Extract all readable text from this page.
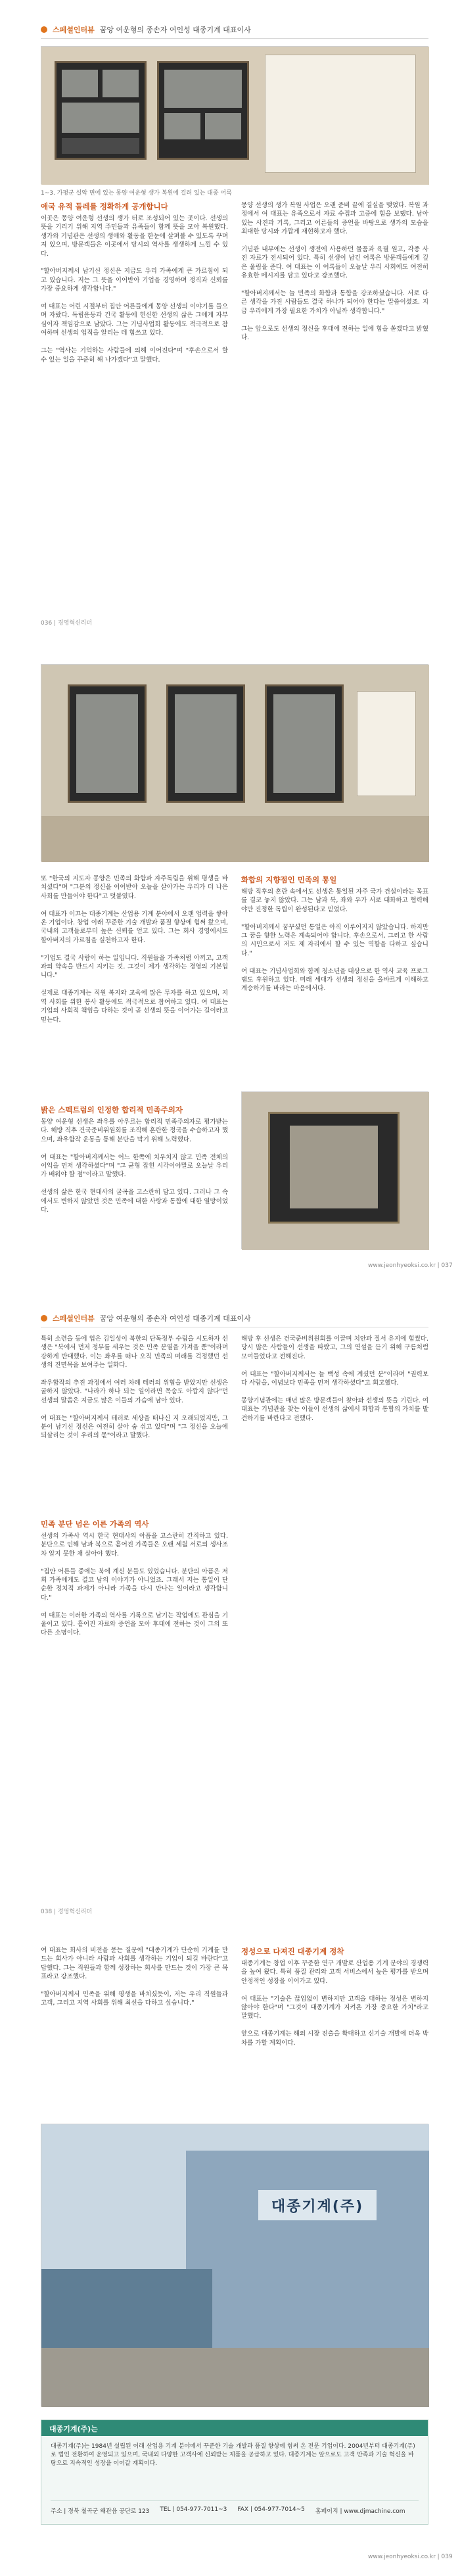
스페셜인터뷰 꿈앙 여운형의 종손자 여인성 대종기계 대표이사
1~3. 가평군 설악 면에 있는 몽양 여운형 생가 복원에 걸려 있는 대종 어록
애국 유적 둘레를 정확하게 공개합니다
이곳은 몽양 여운형 선생의 생가 터로 조성되어 있는 곳이다. 선생의 뜻을 기리기 위해 지역 주민들과 유족들이 함께 뜻을 모아 복원했다. 생가와 기념관은 선생의 생애와 활동을 한눈에 살펴볼 수 있도록 꾸며져 있으며, 방문객들은 이곳에서 당시의 역사를 생생하게 느낄 수 있다.

"할아버지께서 남기신 정신은 지금도 우리 가족에게 큰 가르침이 되고 있습니다. 저는 그 뜻을 이어받아 기업을 경영하며 정직과 신뢰를 가장 중요하게 생각합니다."

여 대표는 어린 시절부터 집안 어른들에게 몽양 선생의 이야기를 들으며 자랐다. 독립운동과 건국 활동에 헌신한 선생의 삶은 그에게 자부심이자 책임감으로 남았다. 그는 기념사업회 활동에도 적극적으로 참여하며 선생의 업적을 알리는 데 힘쓰고 있다.

그는 "역사는 기억하는 사람들에 의해 이어진다"며 "후손으로서 할 수 있는 일을 꾸준히 해 나가겠다"고 말했다.
몽양 선생의 생가 복원 사업은 오랜 준비 끝에 결실을 맺었다. 복원 과정에서 여 대표는 유족으로서 자료 수집과 고증에 힘을 보탰다. 남아 있는 사진과 기록, 그리고 어른들의 증언을 바탕으로 생가의 모습을 최대한 당시와 가깝게 재현하고자 했다.

기념관 내부에는 선생이 생전에 사용하던 물품과 육필 원고, 각종 사진 자료가 전시되어 있다. 특히 선생이 남긴 어록은 방문객들에게 깊은 울림을 준다. 여 대표는 이 어록들이 오늘날 우리 사회에도 여전히 유효한 메시지를 담고 있다고 강조했다.

"할아버지께서는 늘 민족의 화합과 통합을 강조하셨습니다. 서로 다른 생각을 가진 사람들도 결국 하나가 되어야 한다는 말씀이셨죠. 지금 우리에게 가장 필요한 가치가 아닐까 생각합니다."

그는 앞으로도 선생의 정신을 후대에 전하는 일에 힘을 쏟겠다고 밝혔다.
036 | 경영혁신리더
또 "한국의 지도자 몽양은 민족의 화합과 자주독립을 위해 평생을 바치셨다"며 "그분의 정신을 이어받아 오늘을 살아가는 우리가 더 나은 사회를 만들어야 한다"고 덧붙였다.

여 대표가 이끄는 대종기계는 산업용 기계 분야에서 오랜 업력을 쌓아온 기업이다. 창업 이래 꾸준한 기술 개발과 품질 향상에 힘써 왔으며, 국내외 고객들로부터 높은 신뢰를 얻고 있다. 그는 회사 경영에서도 할아버지의 가르침을 실천하고자 한다.

"기업도 결국 사람이 하는 일입니다. 직원들을 가족처럼 아끼고, 고객과의 약속을 반드시 지키는 것. 그것이 제가 생각하는 경영의 기본입니다."

실제로 대종기계는 직원 복지와 교육에 많은 투자를 하고 있으며, 지역 사회를 위한 봉사 활동에도 적극적으로 참여하고 있다. 여 대표는 기업의 사회적 책임을 다하는 것이 곧 선생의 뜻을 이어가는 길이라고 믿는다.
밝은 스펙트럼의 인정한 합리적 민족주의자
몽양 여운형 선생은 좌우를 아우르는 합리적 민족주의자로 평가받는다. 해방 직후 건국준비위원회를 조직해 혼란한 정국을 수습하고자 했으며, 좌우합작 운동을 통해 분단을 막기 위해 노력했다.

여 대표는 "할아버지께서는 어느 한쪽에 치우치지 않고 민족 전체의 이익을 먼저 생각하셨다"며 "그 균형 잡힌 시각이야말로 오늘날 우리가 배워야 할 점"이라고 말했다.

선생의 삶은 한국 현대사의 굴곡을 고스란히 담고 있다. 그러나 그 속에서도 변하지 않았던 것은 민족에 대한 사랑과 통합에 대한 열망이었다.
화합의 지향점인 민족의 통일
해방 직후의 혼란 속에서도 선생은 통일된 자주 국가 건설이라는 목표를 결코 놓지 않았다. 그는 남과 북, 좌와 우가 서로 대화하고 협력해야만 진정한 독립이 완성된다고 믿었다.

"할아버지께서 꿈꾸셨던 통일은 아직 이루어지지 않았습니다. 하지만 그 꿈을 향한 노력은 계속되어야 합니다. 후손으로서, 그리고 한 사람의 시민으로서 저도 제 자리에서 할 수 있는 역할을 다하고 싶습니다."

여 대표는 기념사업회와 함께 청소년을 대상으로 한 역사 교육 프로그램도 후원하고 있다. 미래 세대가 선생의 정신을 올바르게 이해하고 계승하기를 바라는 마음에서다.
www.jeonhyeoksi.co.kr | 037
스페셜인터뷰 꿈앙 여운형의 종손자 여인성 대종기계 대표이사
특히 소련을 등에 업은 김일성이 북한의 단독정부 수립을 시도하자 선생은 "북에서 먼저 정부를 세우는 것은 민족 분열을 가져올 뿐"이라며 강하게 반대했다. 이는 좌우를 떠나 오직 민족의 미래를 걱정했던 선생의 진면목을 보여주는 일화다.

좌우합작의 추진 과정에서 여러 차례 테러의 위협을 받았지만 선생은 굴하지 않았다. "나라가 하나 되는 일이라면 목숨도 아깝지 않다"던 선생의 말씀은 지금도 많은 이들의 가슴에 남아 있다.

여 대표는 "할아버지께서 테러로 세상을 떠나신 지 오래되었지만, 그분이 남기신 정신은 여전히 살아 숨 쉬고 있다"며 "그 정신을 오늘에 되살리는 것이 우리의 몫"이라고 말했다.
민족 분단 넘은 이른 가족의 역사
선생의 가족사 역시 한국 현대사의 아픔을 고스란히 간직하고 있다. 분단으로 인해 남과 북으로 흩어진 가족들은 오랜 세월 서로의 생사조차 알지 못한 채 살아야 했다.

"집안 어른들 중에는 북에 계신 분들도 있었습니다. 분단의 아픔은 저희 가족에게도 결코 남의 이야기가 아니었죠. 그래서 저는 통일이 단순한 정치적 과제가 아니라 가족을 다시 만나는 일이라고 생각합니다."

여 대표는 이러한 가족의 역사를 기록으로 남기는 작업에도 관심을 기울이고 있다. 흩어진 자료와 증언을 모아 후대에 전하는 것이 그의 또 다른 소명이다.
해방 후 선생은 건국준비위원회를 이끌며 치안과 질서 유지에 힘썼다. 당시 많은 사람들이 선생을 따랐고, 그의 연설을 듣기 위해 구름처럼 모여들었다고 전해진다.

여 대표는 "할아버지께서는 늘 백성 속에 계셨던 분"이라며 "권력보다 사람을, 이념보다 민족을 먼저 생각하셨다"고 회고했다.

몽양기념관에는 매년 많은 방문객들이 찾아와 선생의 뜻을 기린다. 여 대표는 기념관을 찾는 이들이 선생의 삶에서 화합과 통합의 가치를 발견하기를 바란다고 전했다.
038 | 경영혁신리더
여 대표는 회사의 비전을 묻는 질문에 "대종기계가 단순히 기계를 만드는 회사가 아니라 사람과 사회를 생각하는 기업이 되길 바란다"고 답했다. 그는 직원들과 함께 성장하는 회사를 만드는 것이 가장 큰 목표라고 강조했다.

"할아버지께서 민족을 위해 평생을 바치셨듯이, 저는 우리 직원들과 고객, 그리고 지역 사회를 위해 최선을 다하고 싶습니다."
정성으로 다져진 대종기계 정착
대종기계는 창업 이후 꾸준한 연구 개발로 산업용 기계 분야의 경쟁력을 높여 왔다. 특히 품질 관리와 고객 서비스에서 높은 평가를 받으며 안정적인 성장을 이어가고 있다.

여 대표는 "기술은 끊임없이 변하지만 고객을 대하는 정성은 변하지 않아야 한다"며 "그것이 대종기계가 지켜온 가장 중요한 가치"라고 말했다.

앞으로 대종기계는 해외 시장 진출을 확대하고 신기술 개발에 더욱 박차를 가할 계획이다.
대종기계(주)
대종기계(주)는
대종기계(주)는 1984년 설립된 이래 산업용 기계 분야에서 꾸준한 기술 개발과 품질 향상에 힘써 온 전문 기업이다. 2004년부터 대종기계(주)로 법인 전환하여 운영되고 있으며, 국내외 다양한 고객사에 신뢰받는 제품을 공급하고 있다. 대종기계는 앞으로도 고객 만족과 기술 혁신을 바탕으로 지속적인 성장을 이어갈 계획이다.
주소 | 경북 칠곡군 왜관읍 공단로 123 TEL | 054-977-7011~3 FAX | 054-977-7014~5 홈페이지 | www.djmachine.com
www.jeonhyeoksi.co.kr | 039
